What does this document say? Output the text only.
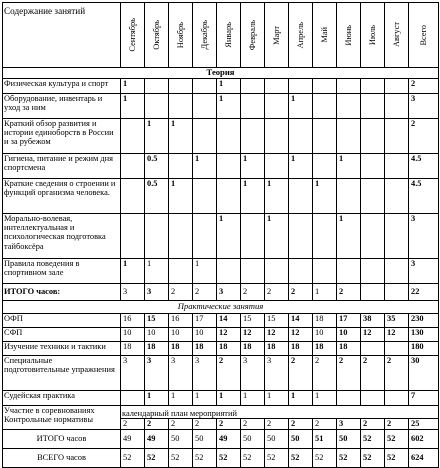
Содержание занятий	Сентябрь	Октябрь	Ноябрь	Декабрь	Январь	Февраль	Март	Апрель	Май	Июнь	Июль	Август	Всего

Теория													
Физическая культура и спорт	1				1								2
Оборудование, инвентарь и уход за ним	1				1			1					3
Краткий обзор развития и истории единоборств в России и за рубежом		1	1										2
Гигиена, питание и режим дня спортсмена		0.5		1		1		1		1			4.5
Краткие сведения о строении и функций организма человека.		0.5	1			1	1		1				4.5
Морально-волевая, интеллектуальная и психологическая подготовка тайбоксёра					1		1			1			3
Правила поведения в спортивном зале	1	1		1									3
ИТОГО часов:	3	3	2	2	3	2	2	2	1	2			22
Практические занятия													
ОФП	16	15	16	17	14	15	15	14	18	17	38	35	230
СФП	10	10	10	10	12	12	12	12	10	10	12	12	130
Изучение техники и тактики	18	18	18	18	18	18	18	18	18	18			180
Специальные подготовительные упражнения	3	3	3	3	2	3	3	2	2	2	2	2	30
Судейская практика		1	1	1	1	1	1	1	1				7
Участие в соревнованиях Контрольные нормативы	календарный план мероприятий												
	2	2	2	2	2	2	2	2	2	3	2	2	25
ИТОГО часов	49	49	50	50	49	50	50	50	51	50	52	52	602
ВСЕГО часов	52	52	52	52	52	52	52	52	52	52	52	52	624
